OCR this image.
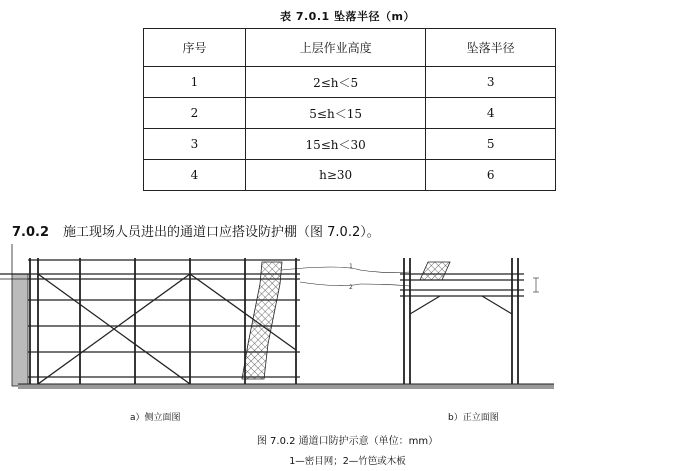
表 7.0.1 坠落半径（m）
序号	上层作业高度	坠落半径
1	2≤h＜5	3
2	5≤h＜15	4
3	15≤h＜30	5
4	h≥30	6
7.0.2 施工现场人员进出的通道口应搭设防护棚（图 7.0.2）。
1
2
a）侧立面图	b）正立面图
图 7.0.2 通道口防护示意（单位：mm）
1—密目网；2—竹笆或木板
